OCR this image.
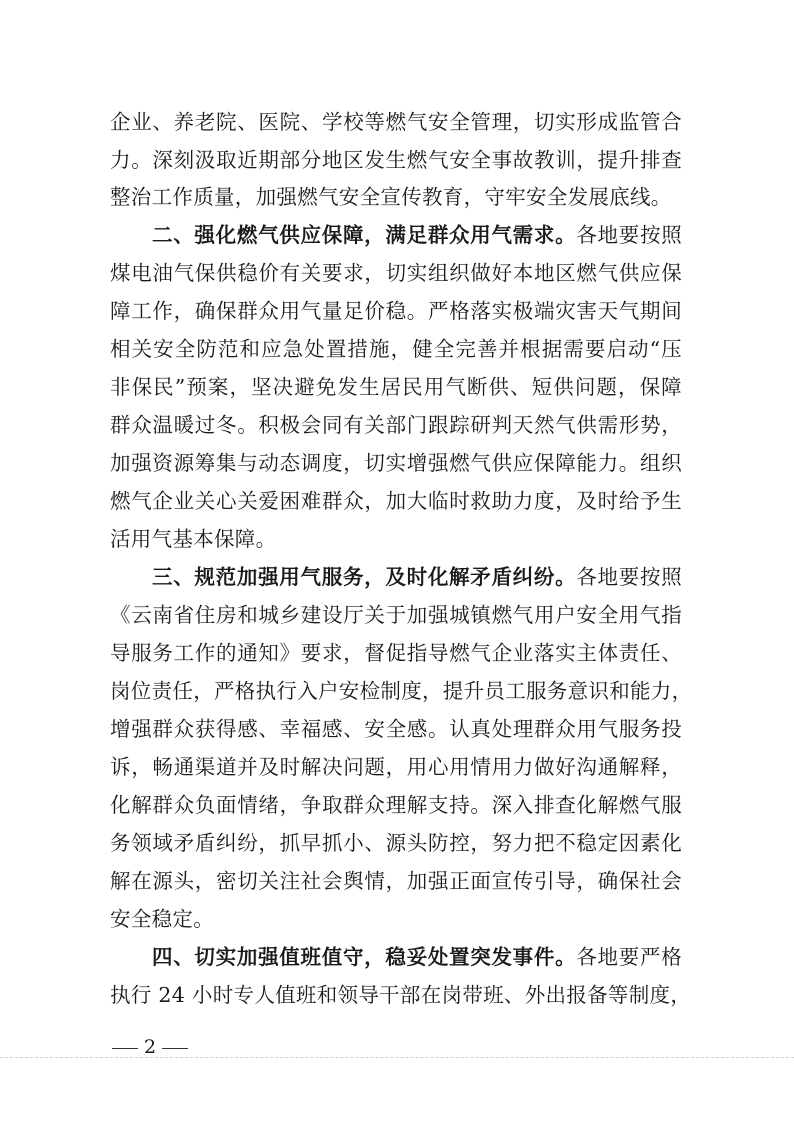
企业、养老院、医院、学校等燃气安全管理，切实形成监管合
力。深刻汲取近期部分地区发生燃气安全事故教训，提升排查
整治工作质量，加强燃气安全宣传教育，守牢安全发展底线。
二、强化燃气供应保障，满足群众用气需求。各地要按照
煤电油气保供稳价有关要求，切实组织做好本地区燃气供应保
障工作，确保群众用气量足价稳。严格落实极端灾害天气期间
相关安全防范和应急处置措施，健全完善并根据需要启动“压
非保民”预案，坚决避免发生居民用气断供、短供问题，保障
群众温暖过冬。积极会同有关部门跟踪研判天然气供需形势，
加强资源筹集与动态调度，切实增强燃气供应保障能力。组织
燃气企业关心关爱困难群众，加大临时救助力度，及时给予生
活用气基本保障。
三、规范加强用气服务，及时化解矛盾纠纷。各地要按照
《云南省住房和城乡建设厅关于加强城镇燃气用户安全用气指
导服务工作的通知》要求，督促指导燃气企业落实主体责任、
岗位责任，严格执行入户安检制度，提升员工服务意识和能力，
增强群众获得感、幸福感、安全感。认真处理群众用气服务投
诉，畅通渠道并及时解决问题，用心用情用力做好沟通解释，
化解群众负面情绪，争取群众理解支持。深入排查化解燃气服
务领域矛盾纠纷，抓早抓小、源头防控，努力把不稳定因素化
解在源头，密切关注社会舆情，加强正面宣传引导，确保社会
安全稳定。
四、切实加强值班值守，稳妥处置突发事件。各地要严格
执行 24 小时专人值班和领导干部在岗带班、外出报备等制度，
2
